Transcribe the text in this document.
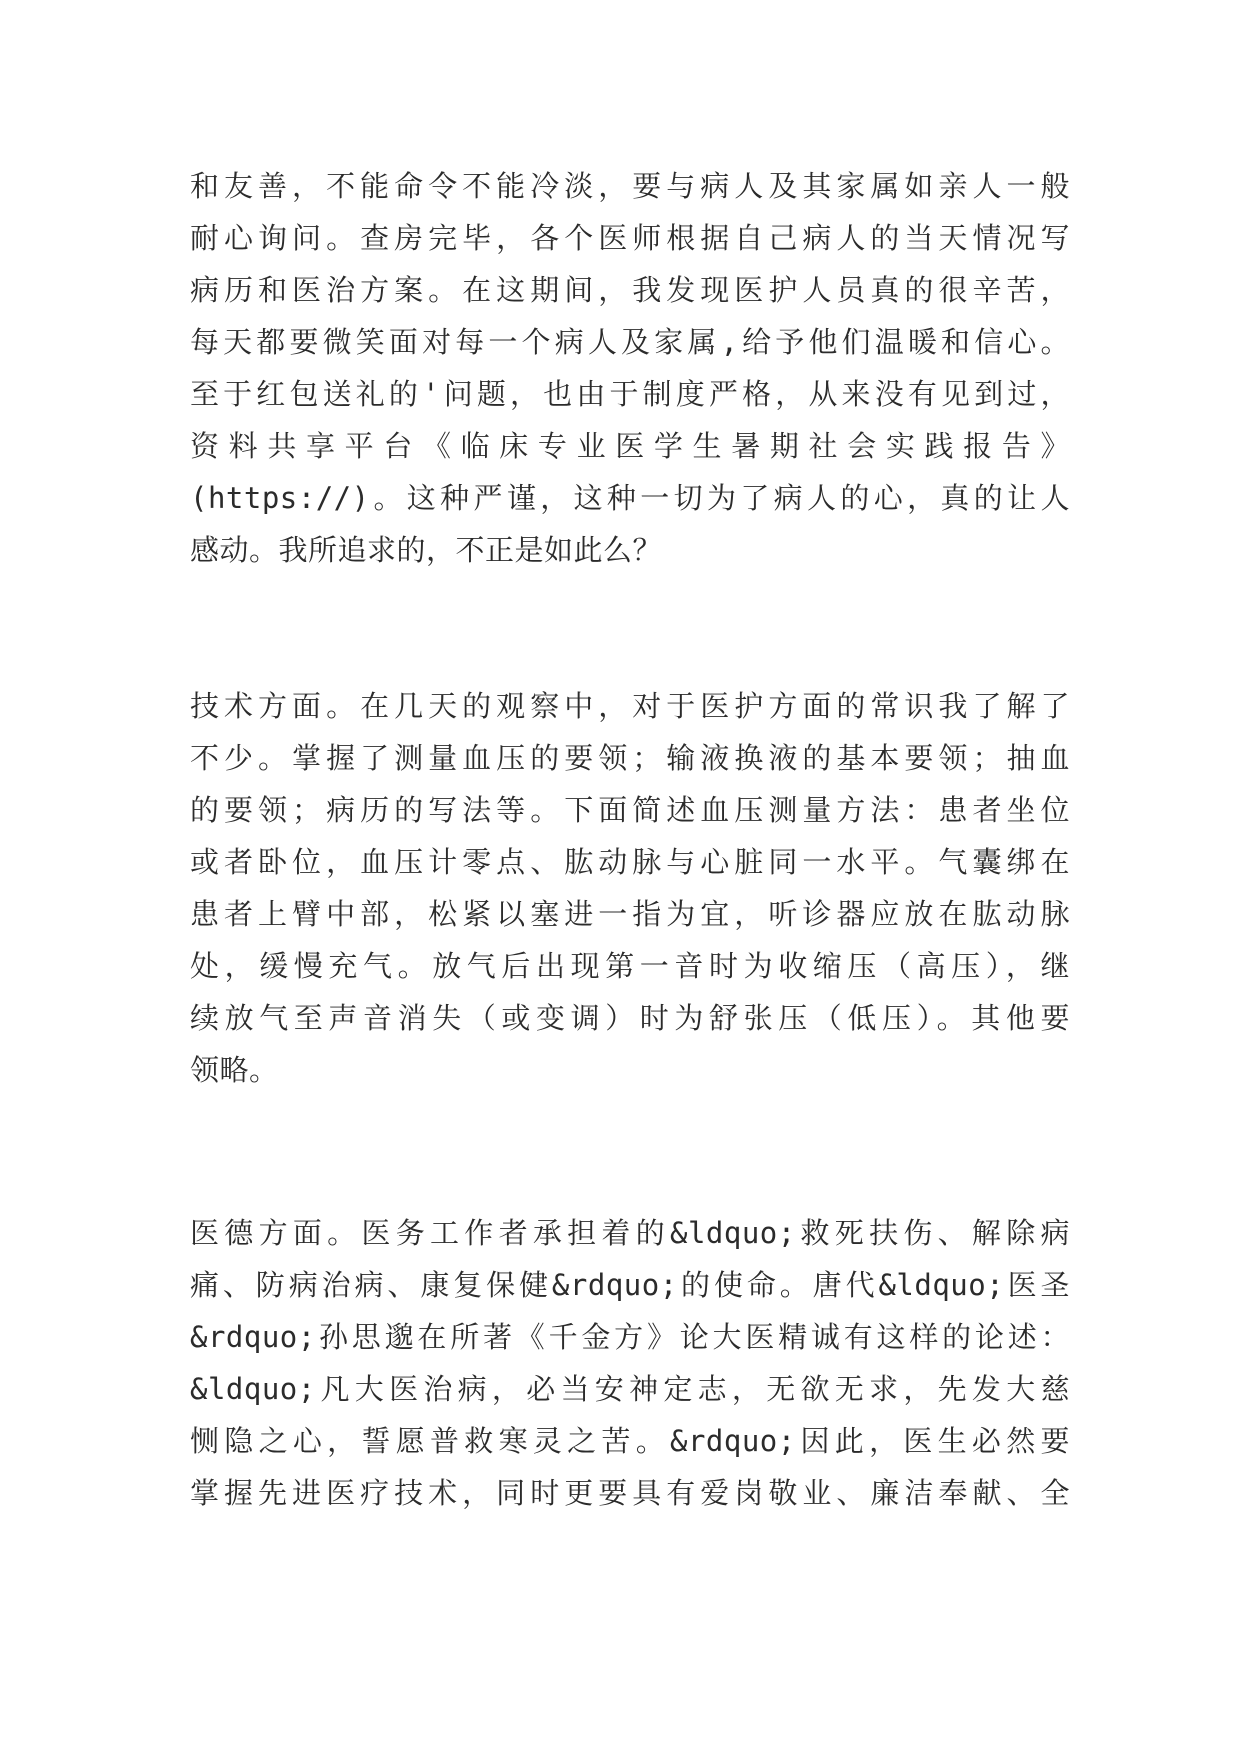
和友善，不能命令不能冷淡，要与病人及其家属如亲人一般
耐心询问。查房完毕，各个医师根据自己病人的当天情况写
病历和医治方案。在这期间，我发现医护人员真的很辛苦，
每天都要微笑面对每一个病人及家属,给予他们温暖和信心。
至于红包送礼的'问题，也由于制度严格，从来没有见到过，
资料共享平台《临床专业医学生暑期社会实践报告》
(https://)。这种严谨，这种一切为了病人的心，真的让人
感动。我所追求的，不正是如此么？
技术方面。在几天的观察中，对于医护方面的常识我了解了
不少。掌握了测量血压的要领；输液换液的基本要领；抽血
的要领；病历的写法等。下面简述血压测量方法：患者坐位
或者卧位，血压计零点、肱动脉与心脏同一水平。气囊绑在
患者上臂中部，松紧以塞进一指为宜，听诊器应放在肱动脉
处，缓慢充气。放气后出现第一音时为收缩压（高压），继
续放气至声音消失（或变调）时为舒张压（低压）。其他要
领略。
医德方面。医务工作者承担着的&ldquo;救死扶伤、解除病
痛、防病治病、康复保健&rdquo;的使命。唐代&ldquo;医圣
&rdquo;孙思邈在所著《千金方》论大医精诚有这样的论述：
&ldquo;凡大医治病，必当安神定志，无欲无求，先发大慈
恻隐之心，誓愿普救寒灵之苦。&rdquo;因此，医生必然要
掌握先进医疗技术，同时更要具有爱岗敬业、廉洁奉献、全
